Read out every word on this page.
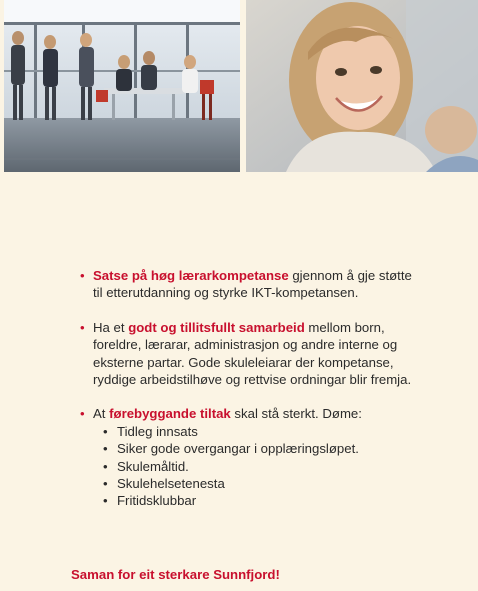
• Satse på høg lærarkompetanse gjennom å gje støtte til etterutdanning og styrke IKT-kompetansen.
• Ha et godt og tillitsfullt samarbeid mellom born, foreldre, lærarar, administrasjon og andre interne og eksterne partar. Gode skuleleiarar der kompetanse, ryddige arbeidstilhøve og rettvise ordningar blir fremja.
• At førebyggande tiltak skal stå sterkt. Døme:
• Tidleg innsats
• Siker gode overgangar i opplæringsløpet.
• Skulemåltid.
• Skulehelsetenesta
• Fritidsklubbar
Saman for eit sterkare Sunnfjord!
